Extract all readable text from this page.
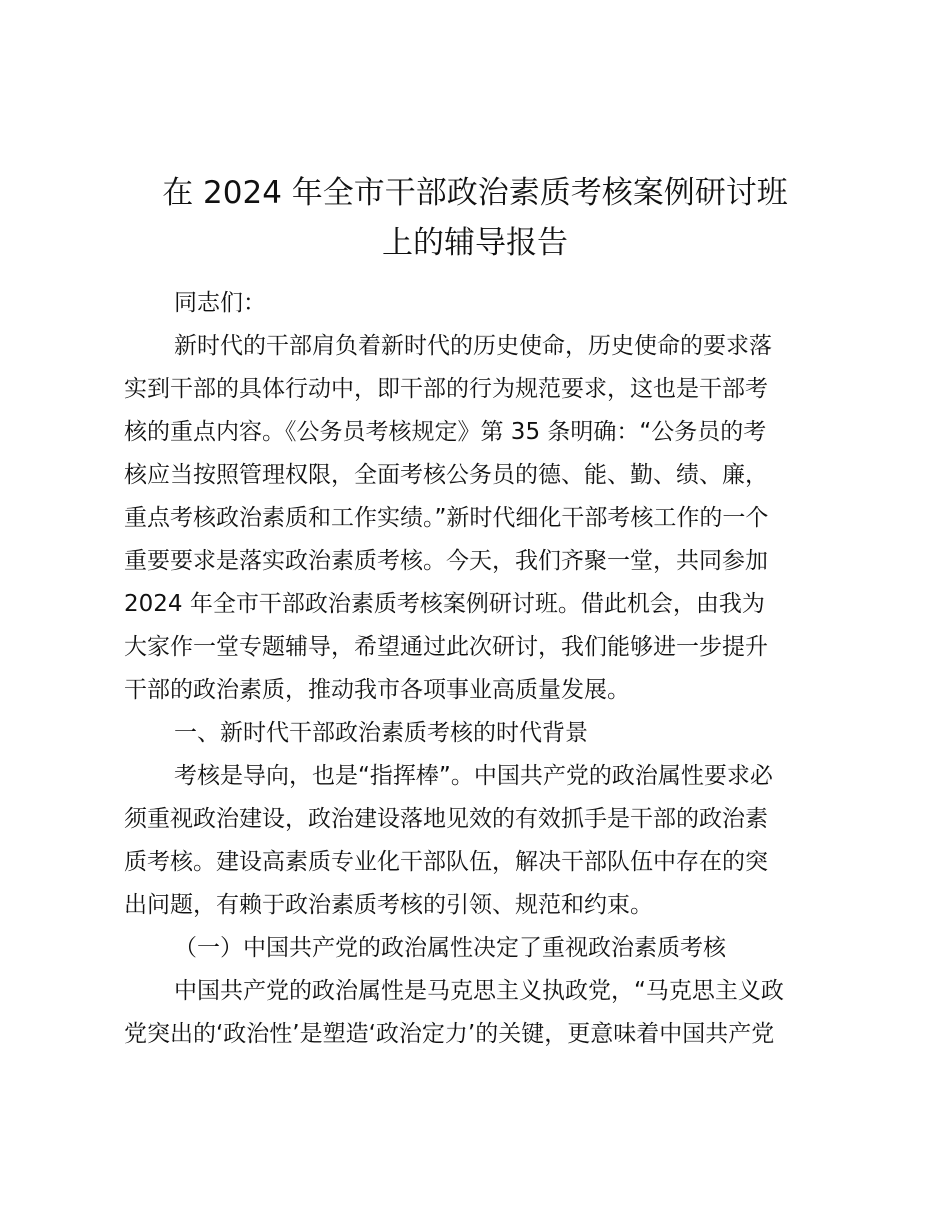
在 2024 年全市干部政治素质考核案例研讨班
上的辅导报告
同志们：
新时代的干部肩负着新时代的历史使命，历史使命的要求落
实到干部的具体行动中，即干部的行为规范要求，这也是干部考
核的重点内容。《公务员考核规定》第 35 条明确：“公务员的考
核应当按照管理权限，全面考核公务员的德、能、勤、绩、廉，
重点考核政治素质和工作实绩。”新时代细化干部考核工作的一个
重要要求是落实政治素质考核。今天，我们齐聚一堂，共同参加
2024 年全市干部政治素质考核案例研讨班。借此机会，由我为
大家作一堂专题辅导，希望通过此次研讨，我们能够进一步提升
干部的政治素质，推动我市各项事业高质量发展。
一、新时代干部政治素质考核的时代背景
考核是导向，也是“指挥棒”。中国共产党的政治属性要求必
须重视政治建设，政治建设落地见效的有效抓手是干部的政治素
质考核。建设高素质专业化干部队伍，解决干部队伍中存在的突
出问题，有赖于政治素质考核的引领、规范和约束。
（一）中国共产党的政治属性决定了重视政治素质考核
中国共产党的政治属性是马克思主义执政党，“马克思主义政
党突出的‘政治性’是塑造‘政治定力’的关键，更意味着中国共产党
